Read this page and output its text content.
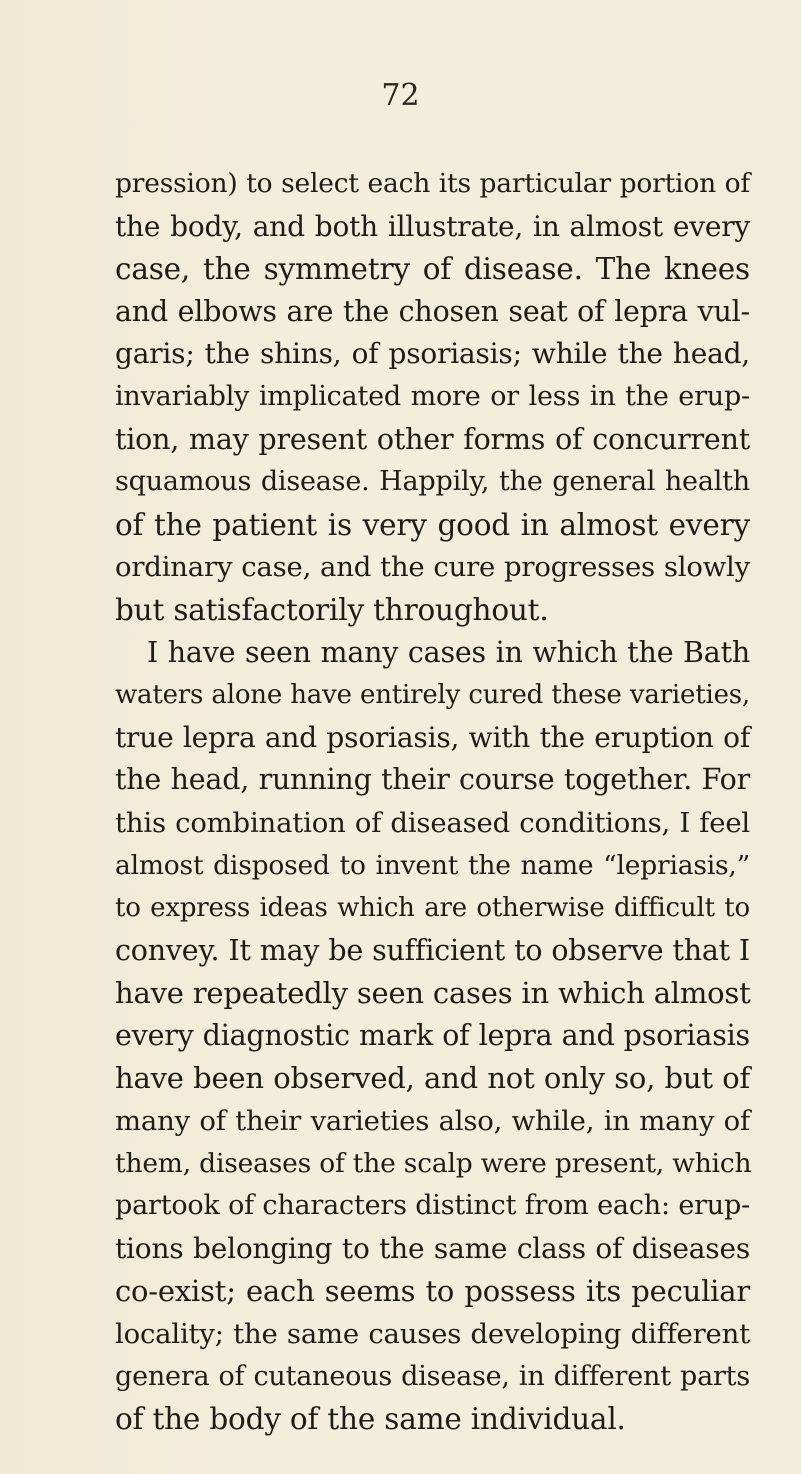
72
pression) to select each its particular portion of
the body, and both illustrate, in almost every
case, the symmetry of disease. The knees
and elbows are the chosen seat of lepra vul-
garis; the shins, of psoriasis; while the head,
invariably implicated more or less in the erup-
tion, may present other forms of concurrent
squamous disease. Happily, the general health
of the patient is very good in almost every
ordinary case, and the cure progresses slowly
but satisfactorily throughout.
I have seen many cases in which the Bath
waters alone have entirely cured these varieties,
true lepra and psoriasis, with the eruption of
the head, running their course together. For
this combination of diseased conditions, I feel
almost disposed to invent the name “lepriasis,”
to express ideas which are otherwise difficult to
convey. It may be sufficient to observe that I
have repeatedly seen cases in which almost
every diagnostic mark of lepra and psoriasis
have been observed, and not only so, but of
many of their varieties also, while, in many of
them, diseases of the scalp were present, which
partook of characters distinct from each: erup-
tions belonging to the same class of diseases
co-exist; each seems to possess its peculiar
locality; the same causes developing different
genera of cutaneous disease, in different parts
of the body of the same individual.
